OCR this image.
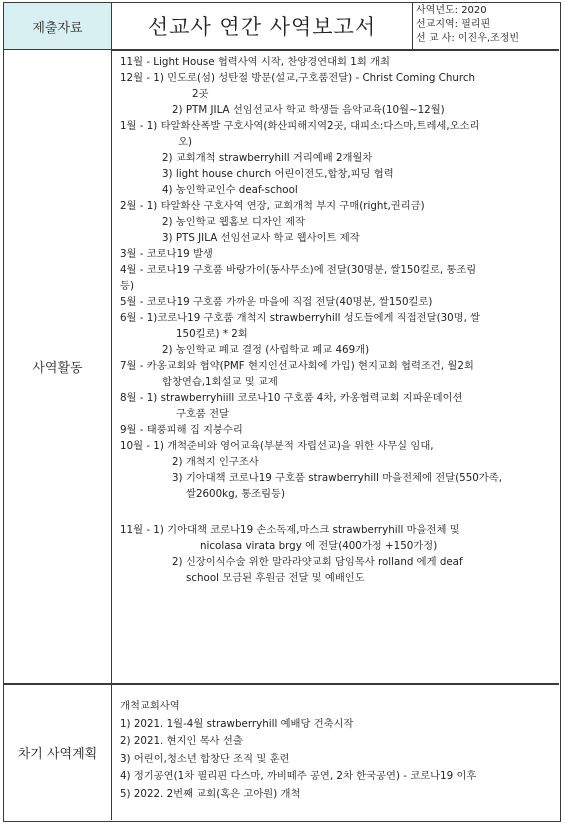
제출자료	선교사 연간 사역보고서
사역년도: 2020
선교지역: 필리핀
선 교 사: 이진우,조정빈
사역활동
11월 - Light House 협력사역 시작, 찬양경연대회 1회 개최
12월 - 1) 민도로(섬) 성탄절 방문(설교,구호품전달) - Christ Coming Church
2곳
2) PTM JILA 선임선교사 학교 학생들 음악교육(10월~12월)
1월 - 1) 타알화산폭발 구호사역(화산피해지역2곳, 대피소:다스마,트레세,오소리
오)
2) 교회개척 strawberryhill 거리예배 2개월차
3) light house church 어린이전도,합창,피딩 협력
4) 농인학교인수 deaf-school
2월 - 1) 타알화산 구호사역 연장, 교회개척 부지 구매(right,권리금)
2) 농인학교 웹홈보 디자인 제작
3) PTS JILA 선임선교사 학교 웹사이트 제작
3월 - 코로나19 발생
4월 - 코로나19 구호품 바랑가이(동사무소)에 전달(30명분, 쌀150킬로, 통조림
등)
5월 - 코로나19 구호품 가까운 마을에 직접 전달(40명분, 쌀150킬로)
6월 - 1)코로나19 구호품 개척지 strawberryhill 성도들에게 직접전달(30명, 쌀
150킬로) * 2회
2) 농인학교 폐교 결정 (사립학교 폐교 469개)
7월 - 카옹교회와 협약(PMF 현지인선교사회에 가입) 현지교회 협력조건, 월2회
합창연습,1회설교 및 교제
8월 - 1) strawberryhiill 코로나10 구호품 4차, 카옹협력교회 지파운데이션
구호품 전달
9월 - 태풍피해 집 지붕수리
10월 - 1) 개척준비와 영어교육(부분적 자립선교)을 위한 사무실 임대,
2) 개척지 인구조사
3) 기아대책 코로나19 구호품 strawberryhill 마을전체에 전달(550가족,
쌀2600kg, 통조림등)
11월 - 1) 기아대책 코로나19 손소독제,마스크 strawberryhill 마을전체 및
nicolasa virata brgy 에 전달(400가정 +150가정)
2) 신장이식수술 위한 말라라얏교회 담임목사 rolland 에게 deaf
school 모금된 후원금 전달 및 예배인도
차기 사역계획
개척교회사역
1) 2021. 1월-4월 strawberryhill 예배당 건축시작
2) 2021. 현지인 목사 선출
3) 어린이,청소년 합창단 조직 및 훈련
4) 정기공연(1차 필리핀 다스마, 까비떼주 공연, 2차 한국공연) - 코로나19 이후
5) 2022. 2번째 교회(혹은 고아원) 개척
